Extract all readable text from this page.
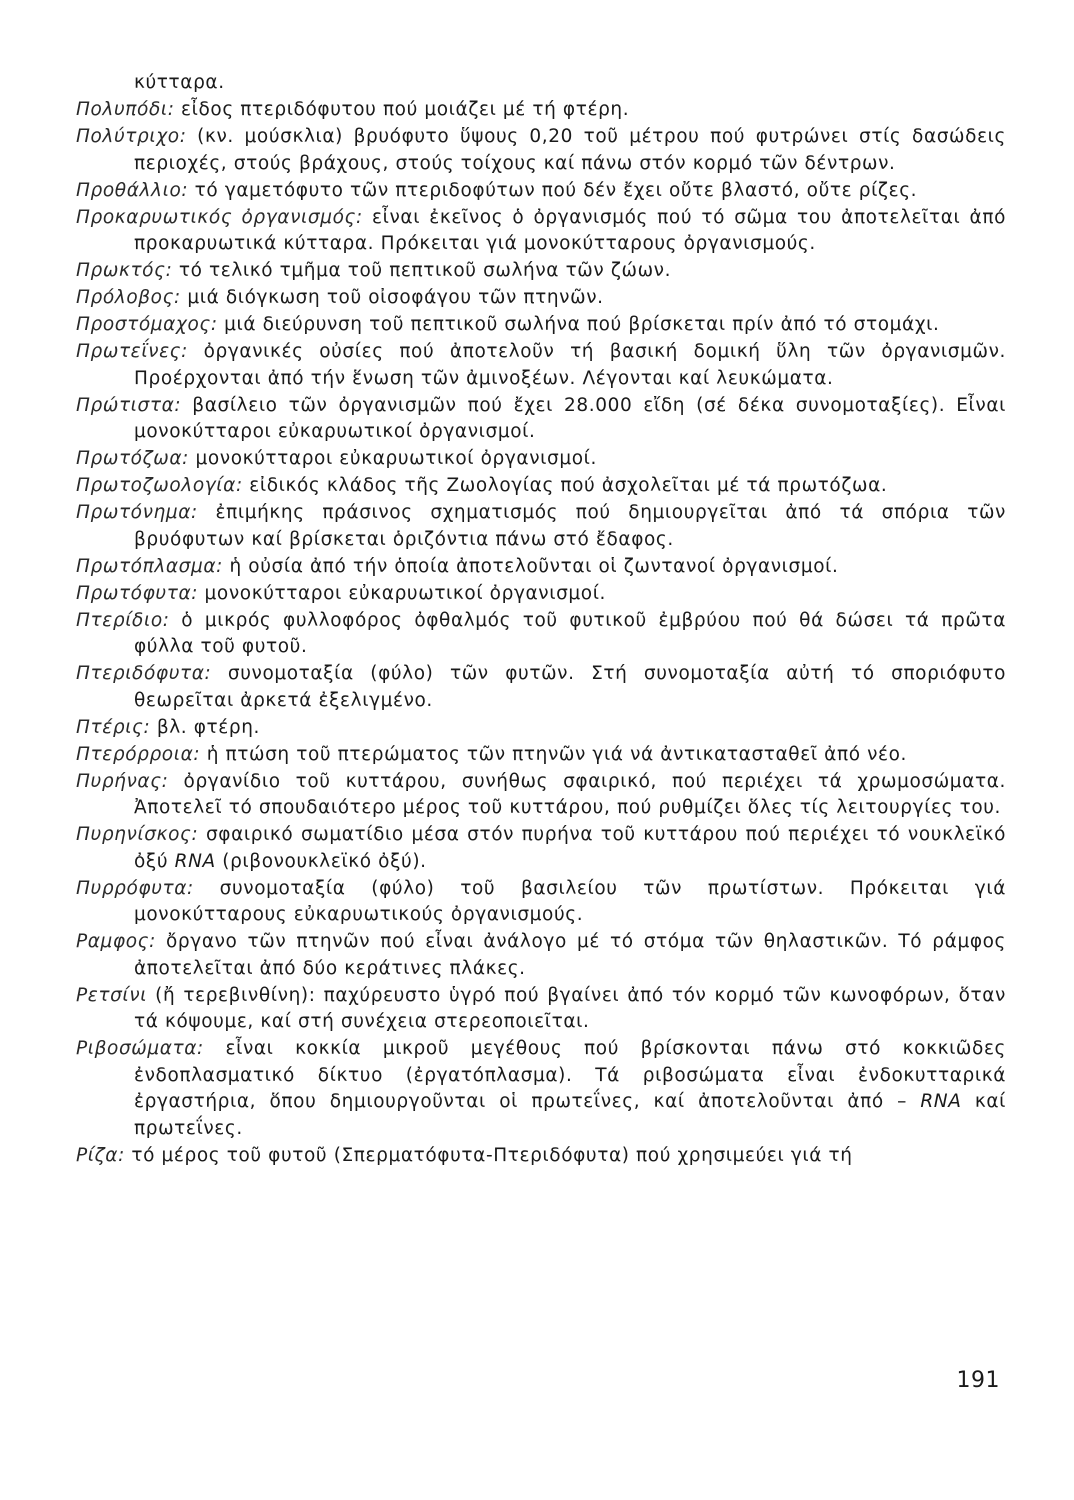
κύτταρα.
Πολυπόδι: εἶδος πτεριδόφυτου πού μοιάζει μέ τή φτέρη.
Πολύτριχο: (κν. μούσκλια) βρυόφυτο ὕψους 0,20 τοῦ μέτρου πού φυτρώνει στίς δασώδεις περιοχές, στούς βράχους, στούς τοίχους καί πάνω στόν κορμό τῶν δέντρων.
Προθάλλιο: τό γαμετόφυτο τῶν πτεριδοφύτων πού δέν ἔχει οὔτε βλαστό, οὔτε ρίζες.
Προκαρυωτικός ὀργανισμός: εἶναι ἐκεῖνος ὁ ὀργανισμός πού τό σῶμα του ἀποτελεῖται ἀπό προκαρυωτικά κύτταρα. Πρόκειται γιά μονοκύτταρους ὀργανισμούς.
Πρωκτός: τό τελικό τμῆμα τοῦ πεπτικοῦ σωλήνα τῶν ζώων.
Πρόλοβος: μιά διόγκωση τοῦ οἰσοφάγου τῶν πτηνῶν.
Προστόμαχος: μιά διεύρυνση τοῦ πεπτικοῦ σωλήνα πού βρίσκεται πρίν ἀπό τό στομάχι.
Πρωτεΐνες: ὀργανικές οὐσίες πού ἀποτελοῦν τή βασική δομική ὕλη τῶν ὀργανισμῶν. Προέρχονται ἀπό τήν ἕνωση τῶν ἀμινοξέων. Λέγονται καί λευκώματα.
Πρώτιστα: βασίλειο τῶν ὀργανισμῶν πού ἔχει 28.000 εἴδη (σέ δέκα συνομοταξίες). Εἶναι μονοκύτταροι εὐκαρυωτικοί ὀργανισμοί.
Πρωτόζωα: μονοκύτταροι εὐκαρυωτικοί ὀργανισμοί.
Πρωτοζωολογία: εἰδικός κλάδος τῆς Ζωολογίας πού ἀσχολεῖται μέ τά πρωτόζωα.
Πρωτόνημα: ἐπιμήκης πράσινος σχηματισμός πού δημιουργεῖται ἀπό τά σπόρια τῶν βρυόφυτων καί βρίσκεται ὁριζόντια πάνω στό ἔδαφος.
Πρωτόπλασμα: ἡ οὐσία ἀπό τήν ὁποία ἀποτελοῦνται οἱ ζωντανοί ὀργανισμοί.
Πρωτόφυτα: μονοκύτταροι εὐκαρυωτικοί ὀργανισμοί.
Πτερίδιο: ὁ μικρός φυλλοφόρος ὀφθαλμός τοῦ φυτικοῦ ἐμβρύου πού θά δώσει τά πρῶτα φύλλα τοῦ φυτοῦ.
Πτεριδόφυτα: συνομοταξία (φύλο) τῶν φυτῶν. Στή συνομοταξία αὐτή τό σποριόφυτο θεωρεῖται ἀρκετά ἐξελιγμένο.
Πτέρις: βλ. φτέρη.
Πτερόρροια: ἡ πτώση τοῦ πτερώματος τῶν πτηνῶν γιά νά ἀντικατασταθεῖ ἀπό νέο.
Πυρήνας: ὀργανίδιο τοῦ κυττάρου, συνήθως σφαιρικό, πού περιέχει τά χρωμοσώματα. Ἀποτελεῖ τό σπουδαιότερο μέρος τοῦ κυττάρου, πού ρυθμίζει ὅλες τίς λειτουργίες του.
Πυρηνίσκος: σφαιρικό σωματίδιο μέσα στόν πυρήνα τοῦ κυττάρου πού περιέχει τό νουκλεϊκό ὀξύ RNA (ριβονουκλεϊκό ὀξύ).
Πυρρόφυτα: συνομοταξία (φύλο) τοῦ βασιλείου τῶν πρωτίστων. Πρόκειται γιά μονοκύτταρους εὐκαρυωτικούς ὀργανισμούς.
Ραμφος: ὄργανο τῶν πτηνῶν πού εἶναι ἀνάλογο μέ τό στόμα τῶν θηλαστικῶν. Τό ράμφος ἀποτελεῖται ἀπό δύο κεράτινες πλάκες.
Ρετσίνι (ἤ τερεβινθίνη): παχύρευστο ὑγρό πού βγαίνει ἀπό τόν κορμό τῶν κωνοφόρων, ὅταν τά κόψουμε, καί στή συνέχεια στερεοποιεῖται.
Ριβοσώματα: εἶναι κοκκία μικροῦ μεγέθους πού βρίσκονται πάνω στό κοκκιῶδες ἐνδοπλασματικό δίκτυο (ἐργατόπλασμα). Τά ριβοσώματα εἶναι ἐνδοκυτταρικά ἐργαστήρια, ὅπου δημιουργοῦνται οἱ πρωτεΐνες, καί ἀποτελοῦνται ἀπό – RNA καί πρωτεΐνες.
Ρίζα: τό μέρος τοῦ φυτοῦ (Σπερματόφυτα-Πτεριδόφυτα) πού χρησιμεύει γιά τή
191
